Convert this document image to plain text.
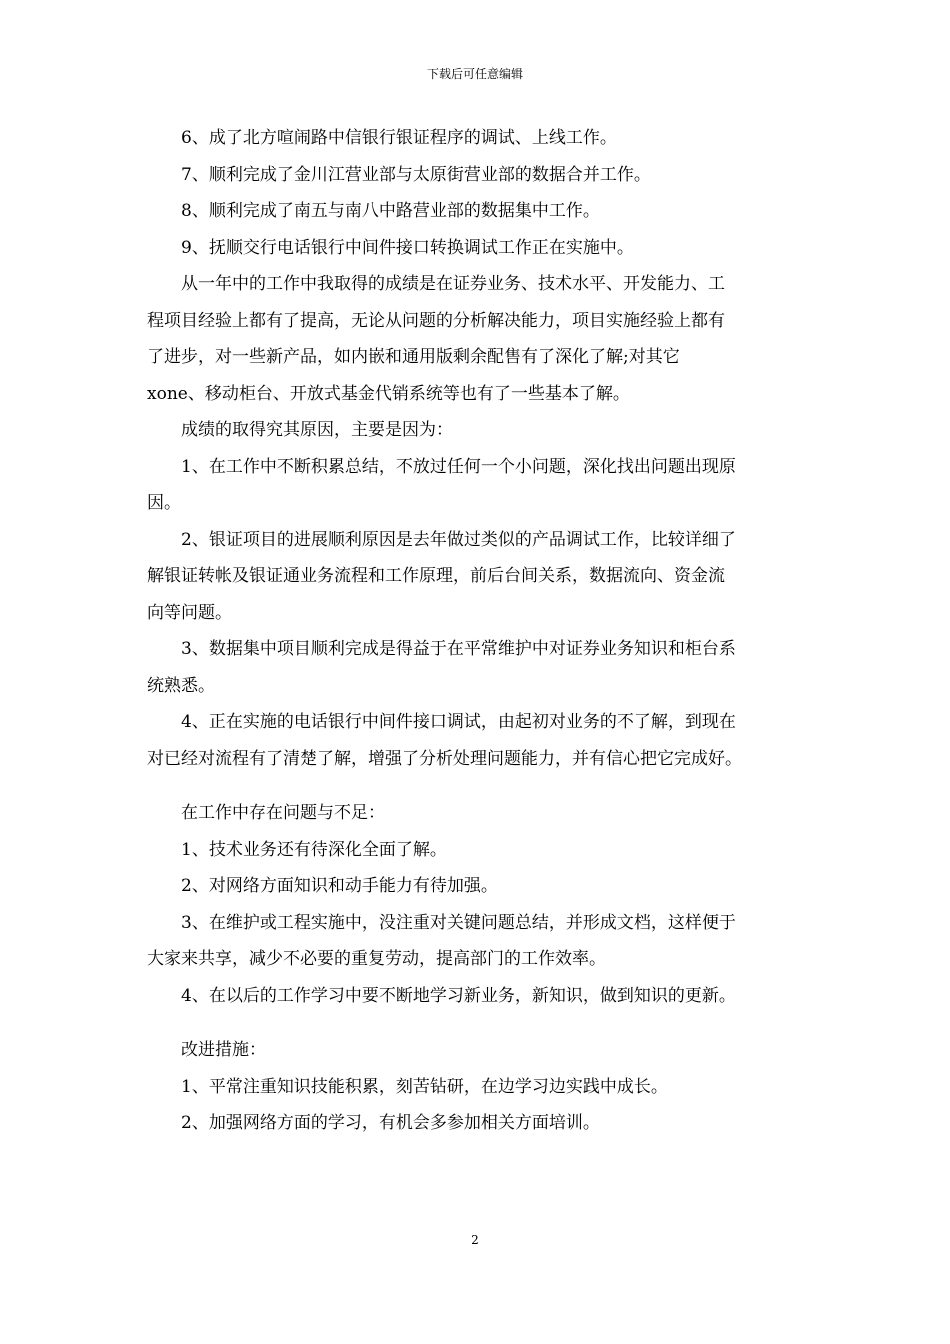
下载后可任意编辑
6、成了北方喧闹路中信银行银证程序的调试、上线工作。
7、顺利完成了金川江营业部与太原街营业部的数据合并工作。
8、顺利完成了南五与南八中路营业部的数据集中工作。
9、抚顺交行电话银行中间件接口转换调试工作正在实施中。
从一年中的工作中我取得的成绩是在证券业务、技术水平、开发能力、工
程项目经验上都有了提高，无论从问题的分析解决能力，项目实施经验上都有
了进步，对一些新产品，如内嵌和通用版剩余配售有了深化了解;对其它
xone、移动柜台、开放式基金代销系统等也有了一些基本了解。
成绩的取得究其原因，主要是因为：
1、在工作中不断积累总结，不放过任何一个小问题，深化找出问题出现原
因。
2、银证项目的进展顺利原因是去年做过类似的产品调试工作，比较详细了
解银证转帐及银证通业务流程和工作原理，前后台间关系，数据流向、资金流
向等问题。
3、数据集中项目顺利完成是得益于在平常维护中对证券业务知识和柜台系
统熟悉。
4、正在实施的电话银行中间件接口调试，由起初对业务的不了解，到现在
对已经对流程有了清楚了解，增强了分析处理问题能力，并有信心把它完成好。
在工作中存在问题与不足：
1、技术业务还有待深化全面了解。
2、对网络方面知识和动手能力有待加强。
3、在维护或工程实施中，没注重对关键问题总结，并形成文档，这样便于
大家来共享，减少不必要的重复劳动，提高部门的工作效率。
4、在以后的工作学习中要不断地学习新业务，新知识，做到知识的更新。
改进措施：
1、平常注重知识技能积累，刻苦钻研，在边学习边实践中成长。
2、加强网络方面的学习，有机会多参加相关方面培训。
2
